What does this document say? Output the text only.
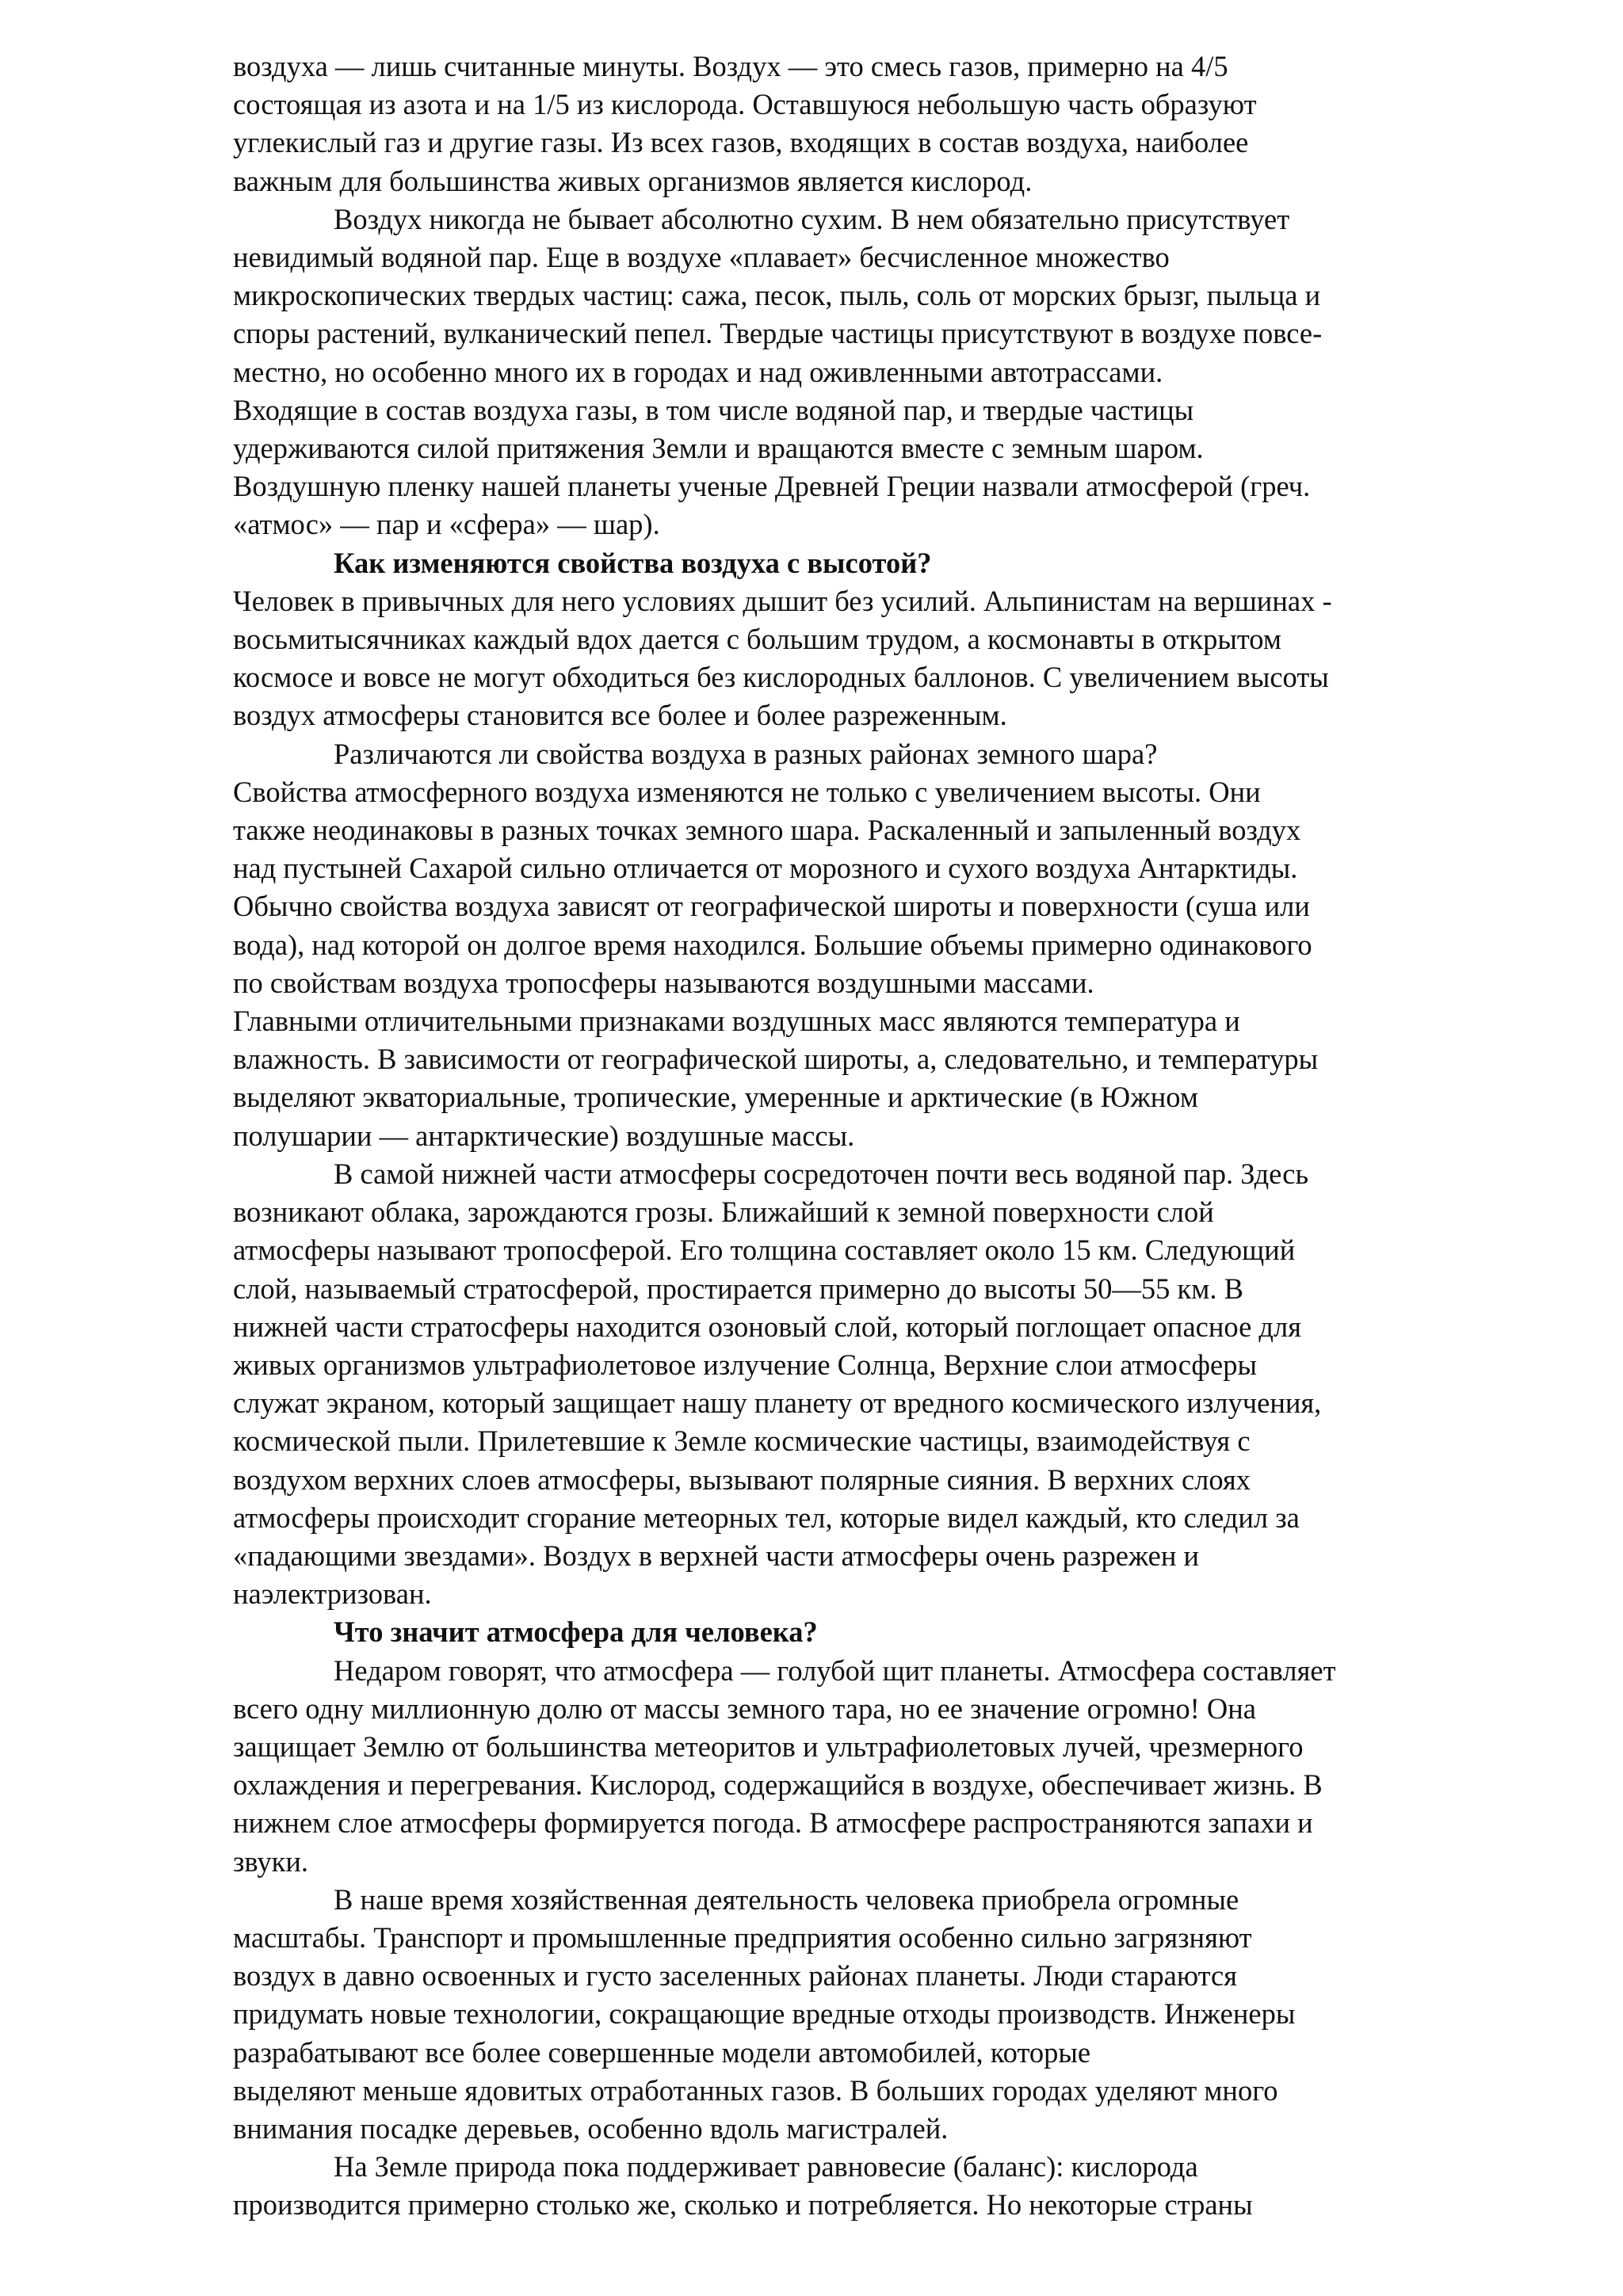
воздуха — лишь считанные минуты. Воздух — это смесь газов, примерно на 4/5

состоящая из азота и на 1/5 из кислорода. Оставшуюся небольшую часть образуют

углекислый газ и другие газы. Из всех газов, входящих в состав воздуха, наиболее

важным для большинства живых организмов является кислород.

Воздух никогда не бывает абсолютно сухим. В нем обязательно присутствует

невидимый водяной пар. Еще в воздухе «плавает» бесчисленное множество

микроскопических твердых частиц: сажа, песок, пыль, соль от морских брызг, пыльца и

споры растений, вулканический пепел. Твердые частицы присутствуют в воздухе повсе-

местно, но особенно много их в городах и над оживленными автотрассами.

Входящие в состав воздуха газы, в том числе водяной пар, и твердые частицы

удерживаются силой притяжения Земли и вращаются вместе с земным шаром.

Воздушную пленку нашей планеты ученые Древней Греции назвали атмосферой (греч.

«атмос» — пар и «сфера» — шар).

Как изменяются свойства воздуха с высотой?

Человек в привычных для него условиях дышит без усилий. Альпинистам на вершинах -

восьмитысячниках каждый вдох дается с большим трудом, а космонавты в открытом

космосе и вовсе не могут обходиться без кислородных баллонов. С увеличением высоты

воздух атмосферы становится все более и более разреженным.

Различаются ли свойства воздуха в разных районах земного шара?

Свойства атмосферного воздуха изменяются не только с увеличением высоты. Они

также неодинаковы в разных точках земного шара. Раскаленный и запыленный воздух

над пустыней Сахарой сильно отличается от морозного и сухого воздуха Антарктиды.

Обычно свойства воздуха зависят от географической широты и поверхности (суша или

вода), над которой он долгое время находился. Большие объемы примерно одинакового

по свойствам воздуха тропосферы называются воздушными массами.

Главными отличительными признаками воздушных масс являются температура и

влажность. В зависимости от географической широты, а, следовательно, и температуры

выделяют экваториальные, тропические, умеренные и арктические (в Южном

полушарии — антарктические) воздушные массы.

В самой нижней части атмосферы сосредоточен почти весь водяной пар. Здесь

возникают облака, зарождаются грозы. Ближайший к земной поверхности слой

атмосферы называют тропосферой. Его толщина составляет около 15 км. Следующий

слой, называемый стратосферой, простирается примерно до высоты 50—55 км. В

нижней части стратосферы находится озоновый слой, который поглощает опасное для

живых организмов ультрафиолетовое излучение Солнца, Верхние слои атмосферы

служат экраном, который защищает нашу планету от вредного космического излучения,

космической пыли. Прилетевшие к Земле космические частицы, взаимодействуя с

воздухом верхних слоев атмосферы, вызывают полярные сияния. В верхних слоях

атмосферы происходит сгорание метеорных тел, которые видел каждый, кто следил за

«падающими звездами». Воздух в верхней части атмосферы очень разрежен и

наэлектризован.

Что значит атмосфера для человека?

Недаром говорят, что атмосфера — голубой щит планеты. Атмосфера составляет

всего одну миллионную долю от массы земного тара, но ее значение огромно! Она

защищает Землю от большинства метеоритов и ультрафиолетовых лучей, чрезмерного

охлаждения и перегревания. Кислород, содержащийся в воздухе, обеспечивает жизнь. В

нижнем слое атмосферы формируется погода. В атмосфере распространяются запахи и

звуки.

В наше время хозяйственная деятельность человека приобрела огромные

масштабы. Транспорт и промышленные предприятия особенно сильно загрязняют

воздух в давно освоенных и густо заселенных районах планеты. Люди стараются

придумать новые технологии, сокращающие вредные отходы производств. Инженеры

разрабатывают все более совершенные модели автомобилей, которые

выделяют меньше ядовитых отработанных газов. В больших городах уделяют много

внимания посадке деревьев, особенно вдоль магистралей.

На Земле природа пока поддерживает равновесие (баланс): кислорода

производится примерно столько же, сколько и потребляется. Но некоторые страны
